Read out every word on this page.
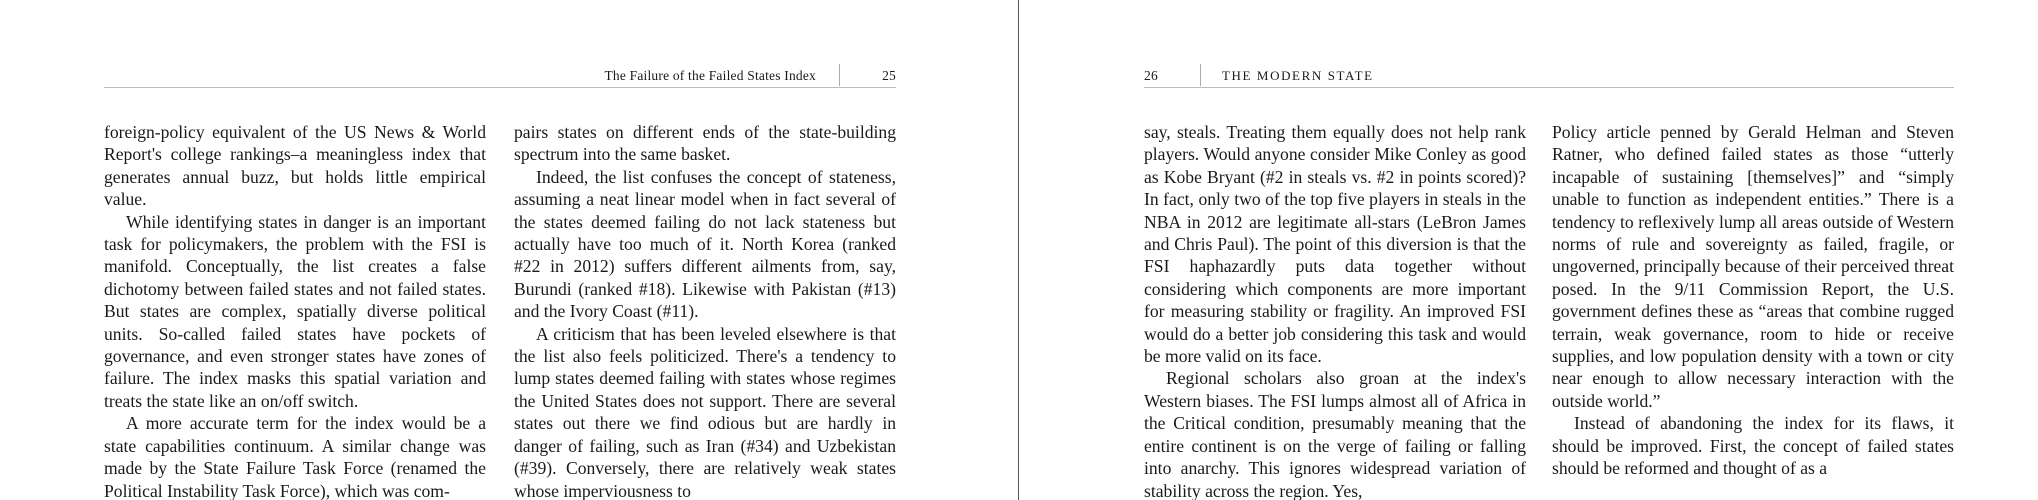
The Failure of the Failed States Index	25

foreign-policy equivalent of the US News & World Report's college rankings–a meaningless index that generates annual buzz, but holds little empirical value.

While identifying states in danger is an important task for policymakers, the problem with the FSI is manifold. Conceptually, the list creates a false dichotomy between failed states and not failed states. But states are complex, spatially diverse political units. So-called failed states have pockets of governance, and even stronger states have zones of failure. The index masks this spatial variation and treats the state like an on/off switch.

A more accurate term for the index would be a state capabilities continuum. A similar change was made by the State Failure Task Force (renamed the Political Instability Task Force), which was com-

pairs states on different ends of the state-building spectrum into the same basket.

Indeed, the list confuses the concept of stateness, assuming a neat linear model when in fact several of the states deemed failing do not lack stateness but actually have too much of it. North Korea (ranked #22 in 2012) suffers different ailments from, say, Burundi (ranked #18). Likewise with Pakistan (#13) and the Ivory Coast (#11).

A criticism that has been leveled elsewhere is that the list also feels politicized. There's a tendency to lump states deemed failing with states whose regimes the United States does not support. There are several states out there we find odious but are hardly in danger of failing, such as Iran (#34) and Uzbekistan (#39). Conversely, there are relatively weak states whose imperviousness to

26	THE MODERN STATE

say, steals. Treating them equally does not help rank players. Would anyone consider Mike Conley as good as Kobe Bryant (#2 in steals vs. #2 in points scored)? In fact, only two of the top five players in steals in the NBA in 2012 are legitimate all-stars (LeBron James and Chris Paul). The point of this diversion is that the FSI haphazardly puts data together without considering which components are more important for measuring stability or fragility. An improved FSI would do a better job considering this task and would be more valid on its face.

Regional scholars also groan at the index's Western biases. The FSI lumps almost all of Africa in the Critical condition, presumably meaning that the entire continent is on the verge of failing or falling into anarchy. This ignores widespread variation of stability across the region. Yes,

Policy article penned by Gerald Helman and Steven Ratner, who defined failed states as those “utterly incapable of sustaining [themselves]” and “simply unable to function as independent entities.” There is a tendency to reflexively lump all areas outside of Western norms of rule and sovereignty as failed, fragile, or ungoverned, principally because of their perceived threat posed. In the 9/11 Commission Report, the U.S. government defines these as “areas that combine rugged terrain, weak governance, room to hide or receive supplies, and low population density with a town or city near enough to allow necessary interaction with the outside world.”

Instead of abandoning the index for its flaws, it should be improved. First, the concept of failed states should be reformed and thought of as a
